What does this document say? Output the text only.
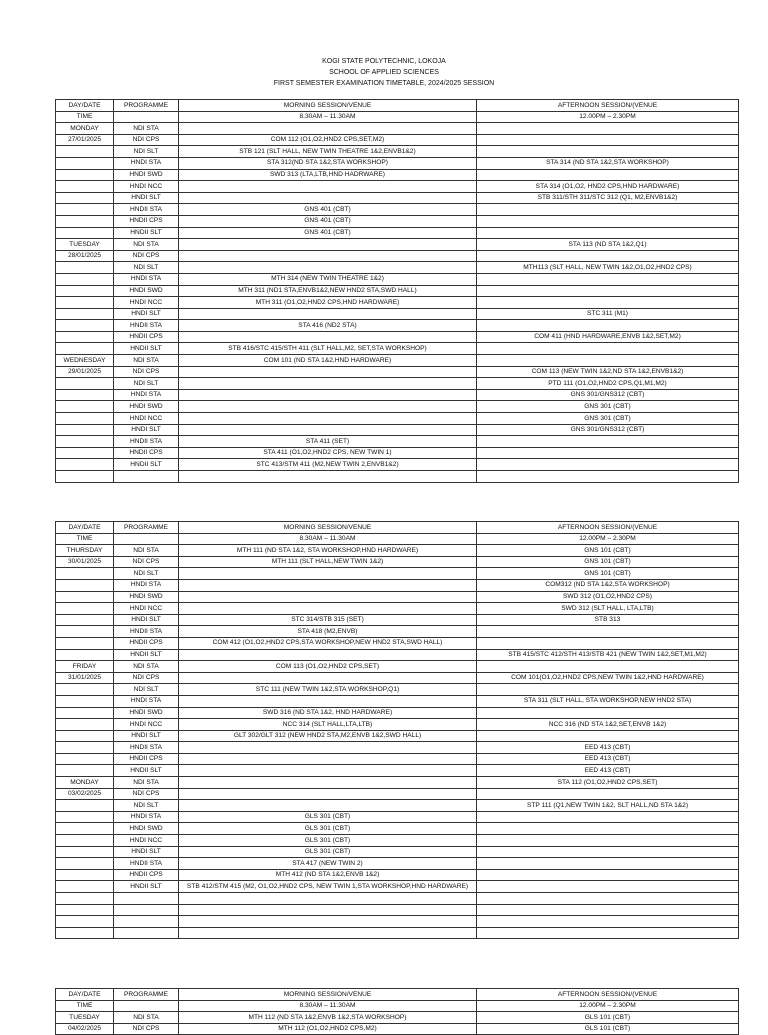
KOGI STATE POLYTECHNIC, LOKOJA
SCHOOL OF APPLIED SCIENCES
FIRST SEMESTER EXAMINATION TIMETABLE, 2024/2025 SESSION
DAY/DATE	PROGRAMME	MORNING SESSION/VENUE	AFTERNOON SESSION/(VENUE
TIME		8.30AM – 11.30AM	12.00PM – 2.30PM
MONDAY	NDI STA		
27/01/2025	NDI CPS	COM 112 (O1,O2,HND2 CPS,SET,M2)	
	NDI SLT	STB 121 (SLT HALL, NEW TWIN THEATRE 1&2,ENVB1&2)	
	HNDI STA	STA 312(ND STA 1&2,STA WORKSHOP)	STA 314 (ND STA 1&2,STA WORKSHOP)
	HNDI SWD	SWD 313 (LTA,LTB,HND HADRWARE)	
	HNDI NCC		STA 314 (O1,O2, HND2 CPS,HND HARDWARE)
	HNDI SLT		STB 311/STH 311/STC 312 (Q1, M2,ENVB1&2)
	HNDII STA	GNS 401 (CBT)	
	HNDII CPS	GNS 401 (CBT)	
	HNDII SLT	GNS 401 (CBT)	
TUESDAY	NDI STA		STA 113 (ND STA 1&2,Q1)
28/01/2025	NDI CPS		
	NDI SLT		MTH113 (SLT HALL, NEW TWIN 1&2,O1,O2,HND2 CPS)
	HNDI STA	MTH 314 (NEW TWIN THEATRE 1&2)	
	HNDI SWD	MTH 311 (ND1 STA,ENVB1&2,NEW HND2 STA,SWD HALL)	
	HNDI NCC	MTH 311 (O1,O2,HND2 CPS,HND HARDWARE)	
	HNDI SLT		STC 311 (M1)
	HNDII STA	STA 416 (ND2 STA)	
	HNDII CPS		COM 411 (HND HARDWARE,ENVB 1&2,SET,M2)
	HNDII SLT	STB 416/STC 415/STH 411 (SLT HALL,M2, SET,STA WORKSHOP)	
WEDNESDAY	NDI STA	COM 101 (ND STA 1&2,HND HARDWARE)	
29/01/2025	NDI CPS		COM 113 (NEW TWIN 1&2,ND STA 1&2,ENVB1&2)
	NDI SLT		PTD 111 (O1,O2,HND2 CPS,Q1,M1,M2)
	HNDI STA		GNS 301/GNS312 (CBT)
	HNDI SWD		GNS 301 (CBT)
	HNDI NCC		GNS 301 (CBT)
	HNDI SLT		GNS 301/GNS312 (CBT)
	HNDII STA	STA 411 (SET)	
	HNDII CPS	STA 411 (O1,O2,HND2 CPS, NEW TWIN 1)	
	HNDII SLT	STC 413/STM 411 (M2,NEW TWIN 2,ENVB1&2)	

DAY/DATE	PROGRAMME	MORNING SESSION/VENUE	AFTERNOON SESSION/(VENUE
TIME		8.30AM – 11.30AM	12.00PM – 2.30PM
THURSDAY	NDI STA	MTH 111 (ND STA 1&2, STA WORKSHOP,HND HARDWARE)	GNS 101 (CBT)
30/01/2025	NDI CPS	MTH 111 (SLT HALL,NEW TWIN 1&2)	GNS 101 (CBT)
	NDI SLT		GNS 101 (CBT)
	HNDI STA		COM312 (ND STA 1&2,STA WORKSHOP)
	HNDI SWD		SWD 312 (O1,O2,HND2 CPS)
	HNDI NCC		SWD 312 (SLT HALL, LTA,LTB)
	HNDI SLT	STC 314/STB 315 (SET)	STB 313
	HNDII STA	STA 418 (M2,ENVB)	
	HNDII CPS	COM 412 (O1,O2,HND2 CPS,STA WORKSHOP,NEW HND2 STA,SWD HALL)	
	HNDII SLT		STB 415/STC 412/STH 413/STB 421 (NEW TWIN 1&2,SET,M1,M2)
FRIDAY	NDI STA	COM 113 (O1,O2,HND2 CPS,SET)	
31/01/2025	NDI CPS		COM 101(O1,O2,HND2 CPS,NEW TWIN 1&2,HND HARDWARE)
	NDI SLT	STC 111 (NEW TWIN 1&2,STA WORKSHOP,Q1)	
	HNDI STA		STA 311 (SLT HALL, STA WORKSHOP,NEW HND2 STA)
	HNDI SWD	SWD 316 (ND STA 1&2, HND HARDWARE)	
	HNDI NCC	NCC 314 (SLT HALL,LTA,LTB)	NCC 316 (ND STA 1&2,SET,ENVB 1&2)
	HNDI SLT	GLT 302/GLT 312 (NEW HND2 STA,M2,ENVB 1&2,SWD HALL)	
	HNDII STA		EED 413 (CBT)
	HNDII CPS		EED 413 (CBT)
	HNDII SLT		EED 413 (CBT)
MONDAY	NDI STA		STA 112 (O1,O2,HND2 CPS,SET)
03/02/2025	NDI CPS		
	NDI SLT		STP 111 (Q1,NEW TWIN 1&2, SLT HALL,ND STA 1&2)
	HNDI STA	GLS 301 (CBT)	
	HNDI SWD	GLS 301 (CBT)	
	HNDI NCC	GLS 301 (CBT)	
	HNDI SLT	GLS 301 (CBT)	
	HNDII STA	STA 417 (NEW TWIN 2)	
	HNDII CPS	MTH 412 (ND STA 1&2,ENVB 1&2)	
	HNDII SLT	STB 412/STM 415 (M2, O1,O2,HND2 CPS, NEW TWIN 1,STA WORKSHOP,HND HARDWARE)	

DAY/DATE	PROGRAMME	MORNING SESSION/VENUE	AFTERNOON SESSION/(VENUE
TIME		8.30AM – 11.30AM	12.00PM – 2.30PM
TUESDAY	NDI STA	MTH 112 (ND STA 1&2,ENVB 1&2,STA WORKSHOP)	GLS 101 (CBT)
04/02/2025	NDI CPS	MTH 112 (O1,O2,HND2 CPS,M2)	GLS 101 (CBT)
